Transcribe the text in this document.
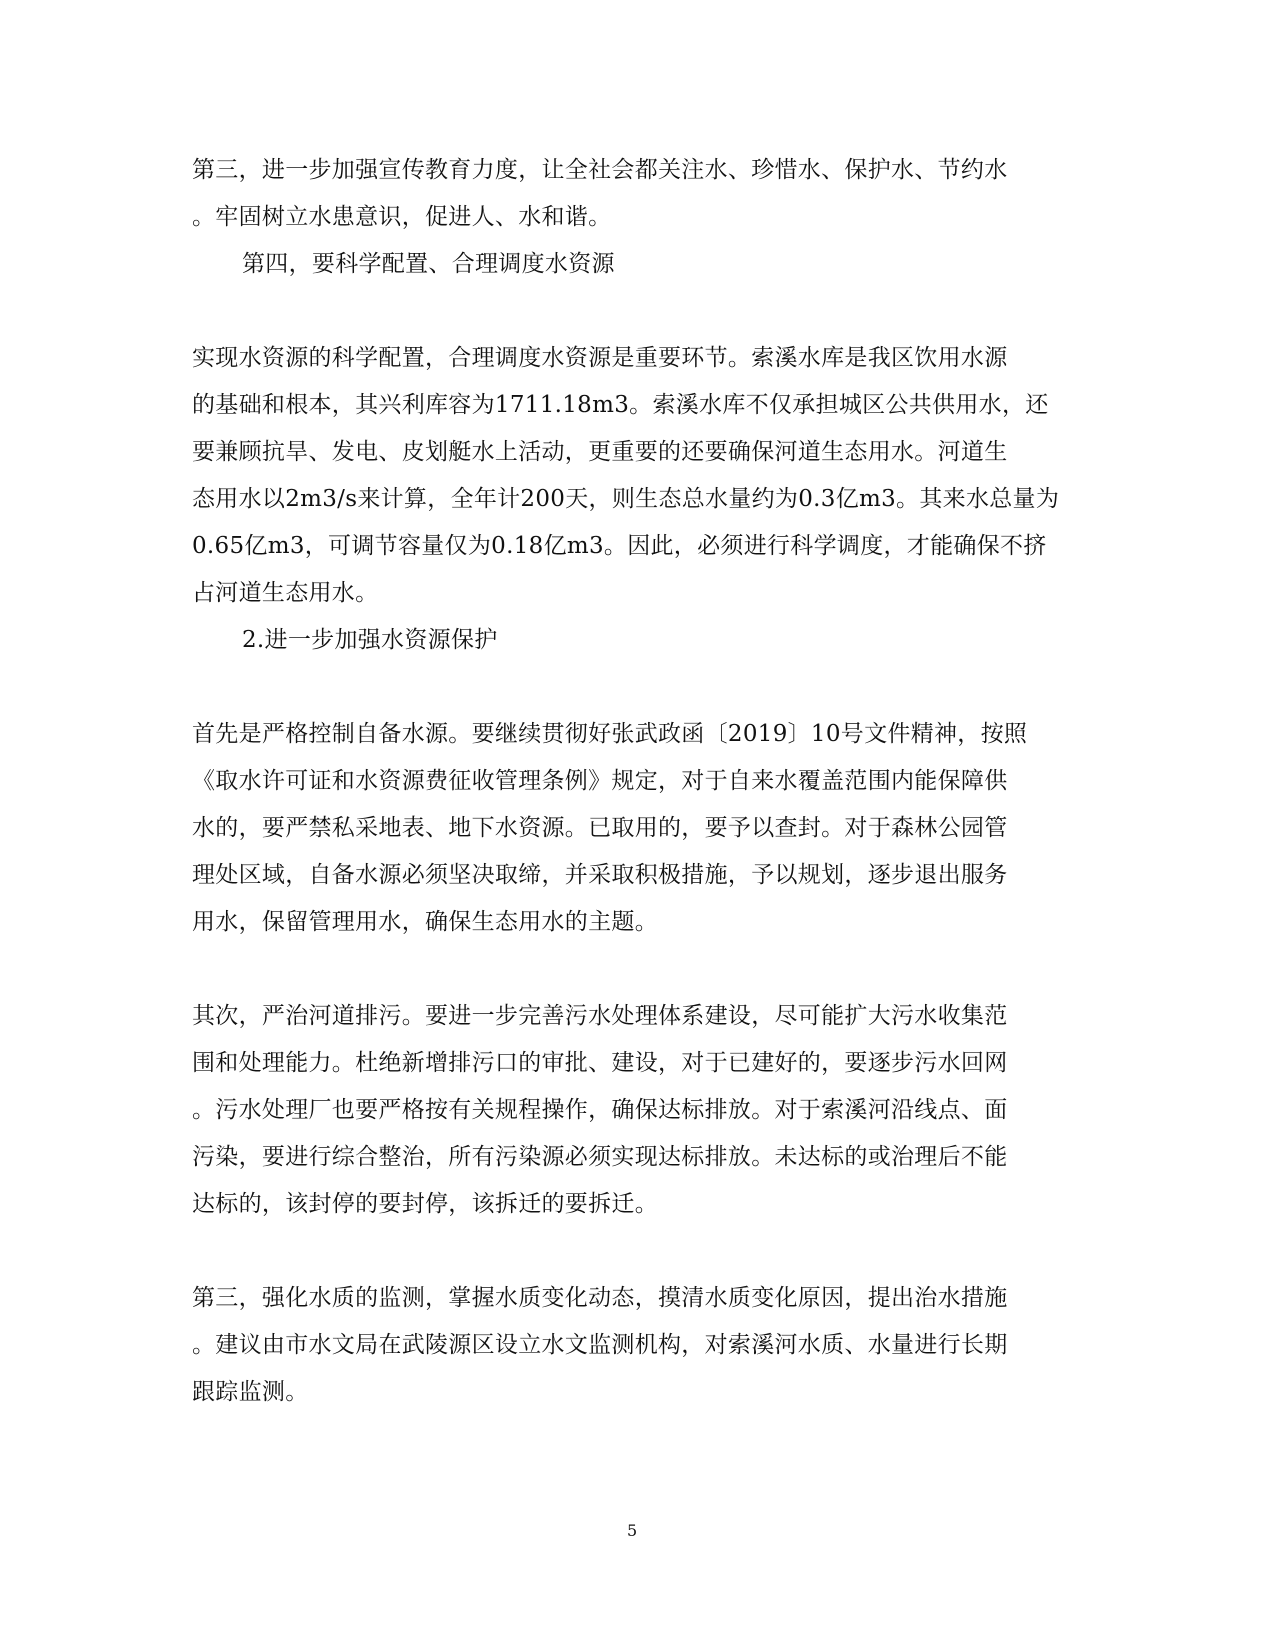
第三，进一步加强宣传教育力度，让全社会都关注水、珍惜水、保护水、节约水
。牢固树立水患意识，促进人、水和谐。
第四，要科学配置、合理调度水资源
实现水资源的科学配置，合理调度水资源是重要环节。索溪水库是我区饮用水源
的基础和根本，其兴利库容为1711.18m3。索溪水库不仅承担城区公共供用水，还
要兼顾抗旱、发电、皮划艇水上活动，更重要的还要确保河道生态用水。河道生
态用水以2m3/s来计算，全年计200天，则生态总水量约为0.3亿m3。其来水总量为
0.65亿m3，可调节容量仅为0.18亿m3。因此，必须进行科学调度，才能确保不挤
占河道生态用水。
2.进一步加强水资源保护
首先是严格控制自备水源。要继续贯彻好张武政函〔2019〕10号文件精神，按照
《取水许可证和水资源费征收管理条例》规定，对于自来水覆盖范围内能保障供
水的，要严禁私采地表、地下水资源。已取用的，要予以查封。对于森林公园管
理处区域，自备水源必须坚决取缔，并采取积极措施，予以规划，逐步退出服务
用水，保留管理用水，确保生态用水的主题。
其次，严治河道排污。要进一步完善污水处理体系建设，尽可能扩大污水收集范
围和处理能力。杜绝新增排污口的审批、建设，对于已建好的，要逐步污水回网
。污水处理厂也要严格按有关规程操作，确保达标排放。对于索溪河沿线点、面
污染，要进行综合整治，所有污染源必须实现达标排放。未达标的或治理后不能
达标的，该封停的要封停，该拆迁的要拆迁。
第三，强化水质的监测，掌握水质变化动态，摸清水质变化原因，提出治水措施
。建议由市水文局在武陵源区设立水文监测机构，对索溪河水质、水量进行长期
跟踪监测。
5
